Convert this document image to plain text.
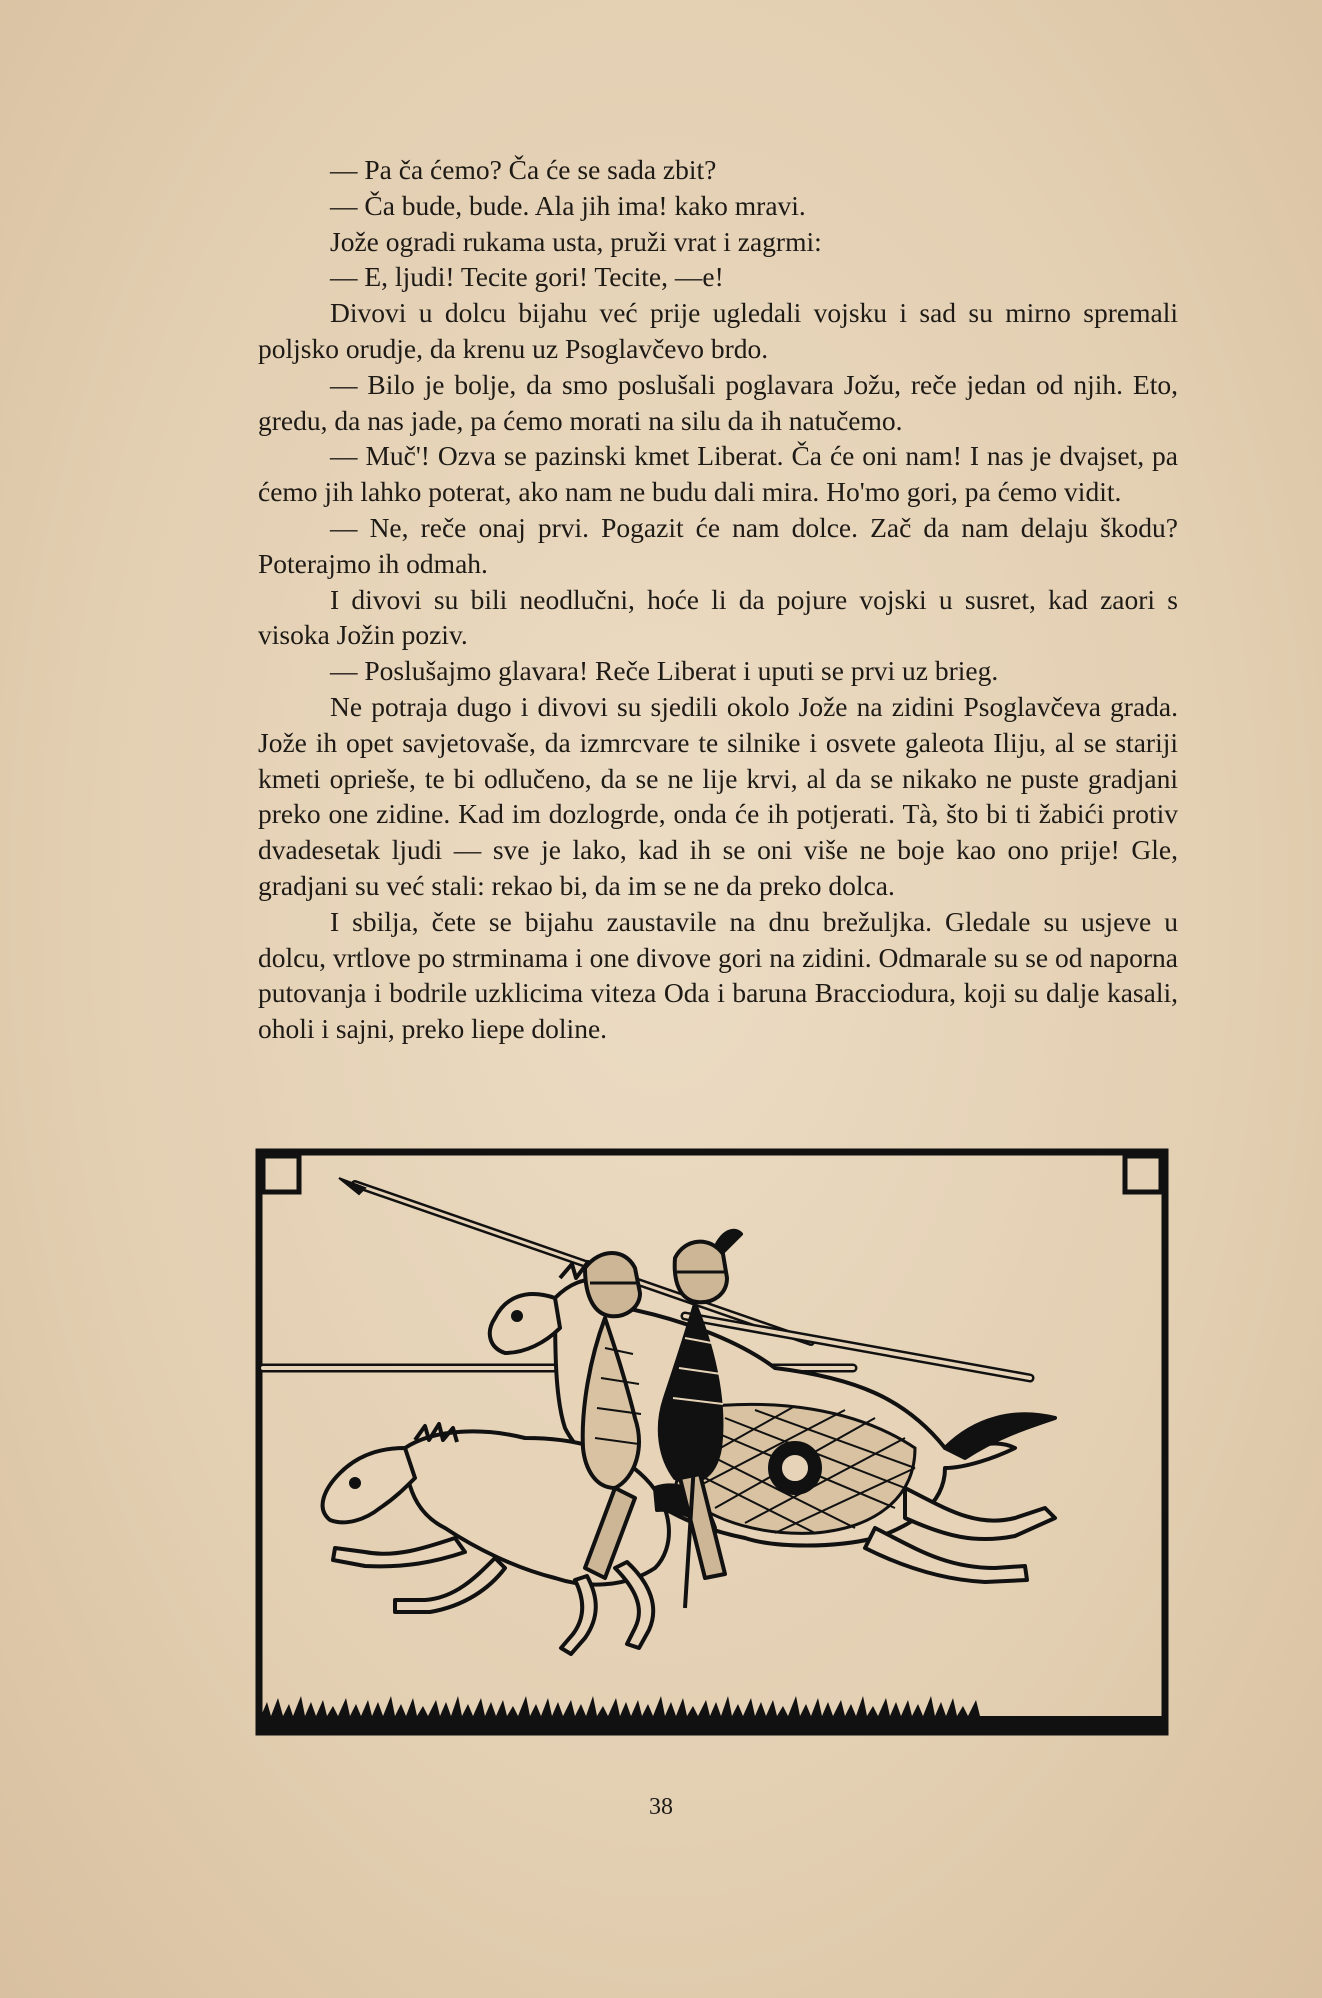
— Pa ča ćemo? Ča će se sada zbit?

— Ča bude, bude. Ala jih ima! kako mravi.

Jože ogradi rukama usta, pruži vrat i zagrmi:

— E, ljudi! Tecite gori! Tecite, —e!

Divovi u dolcu bijahu već prije ugledali vojsku i sad su mirno spremali poljsko orudje, da krenu uz Psoglavčevo brdo.

— Bilo je bolje, da smo poslušali poglavara Jožu, reče jedan od njih. Eto, gredu, da nas jade, pa ćemo morati na silu da ih natučemo.

— Muč'! Ozva se pazinski kmet Liberat. Ča će oni nam! I nas je dvajset, pa ćemo jih lahko poterat, ako nam ne budu dali mira. Ho'mo gori, pa ćemo vidit.

— Ne, reče onaj prvi. Pogazit će nam dolce. Zač da nam delaju škodu? Poterajmo ih odmah.

I divovi su bili neodlučni, hoće li da pojure vojski u susret, kad zaori s visoka Jožin poziv.

— Poslušajmo glavara! Reče Liberat i uputi se prvi uz brieg.

Ne potraja dugo i divovi su sjedili okolo Jože na zidini Psoglavčeva grada. Jože ih opet savjetovaše, da izmrcvare te silnike i osvete galeota Iliju, al se stariji kmeti oprieše, te bi odlučeno, da se ne lije krvi, al da se nikako ne puste gradjani preko one zidine. Kad im dozlogrde, onda će ih potjerati. Tà, što bi ti žabići protiv dvadesetak ljudi — sve je lako, kad ih se oni više ne boje kao ono prije! Gle, gradjani su već stali: rekao bi, da im se ne da preko dolca.

I sbilja, čete se bijahu zaustavile na dnu brežuljka. Gledale su usjeve u dolcu, vrtlove po strminama i one divove gori na zidini. Odmarale su se od naporna putovanja i bodrile uzklicima viteza Oda i baruna Bracciodura, koji su dalje kasali, oholi i sajni, preko liepe doline.

38
